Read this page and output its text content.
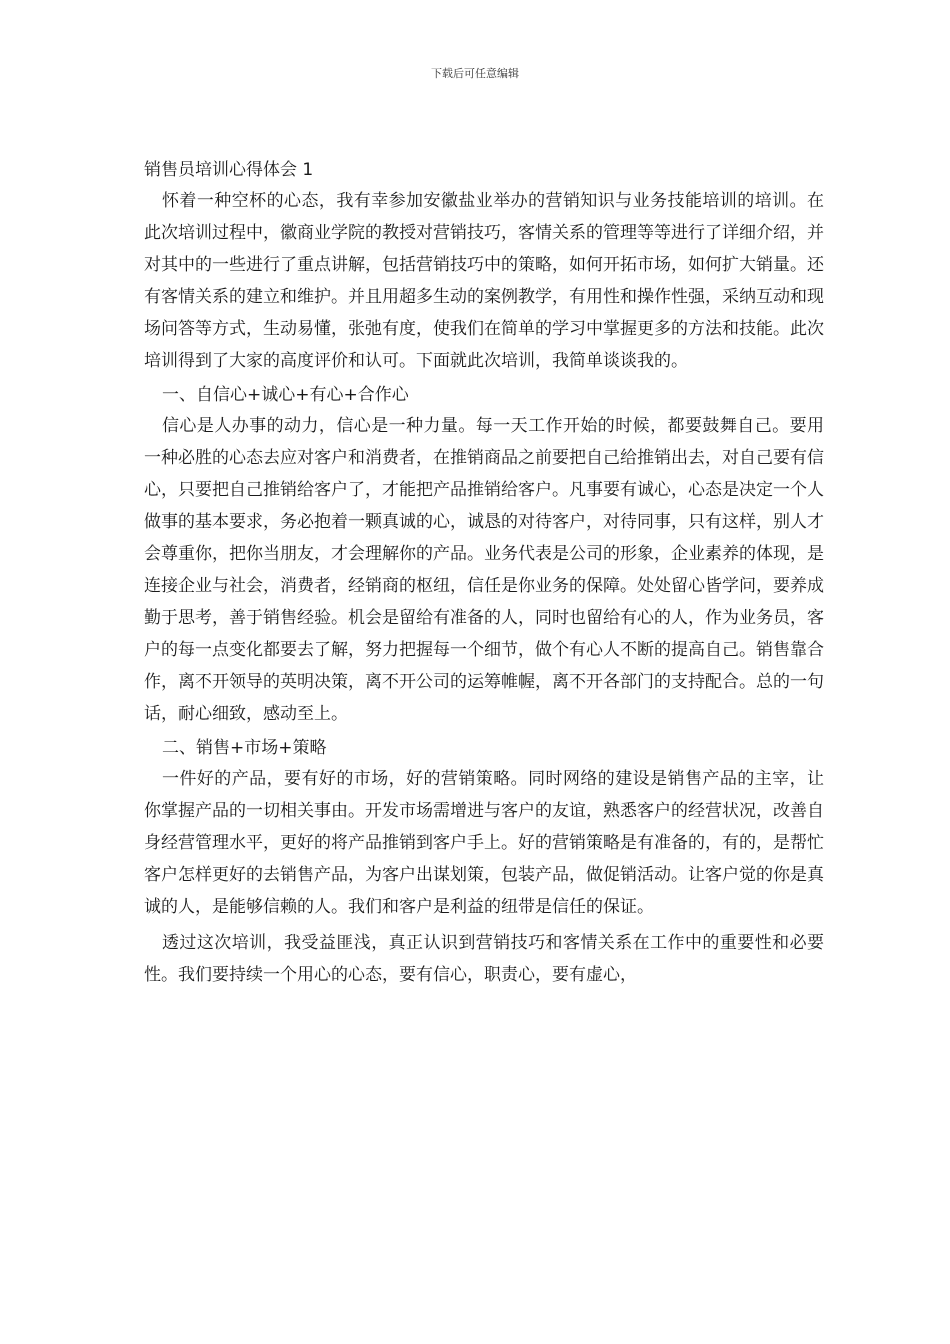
下载后可任意编辑
销售员培训心得体会 1

怀着一种空杯的心态，我有幸参加安徽盐业举办的营销知识与业务技能培训的培训。在此次培训过程中，徽商业学院的教授对营销技巧，客情关系的管理等等进行了详细介绍，并对其中的一些进行了重点讲解，包括营销技巧中的策略，如何开拓市场，如何扩大销量。还有客情关系的建立和维护。并且用超多生动的案例教学，有用性和操作性强，采纳互动和现场问答等方式，生动易懂，张弛有度，使我们在简单的学习中掌握更多的方法和技能。此次培训得到了大家的高度评价和认可。下面就此次培训，我简单谈谈我的。

一、自信心+诚心+有心+合作心

信心是人办事的动力，信心是一种力量。每一天工作开始的时候，都要鼓舞自己。要用一种必胜的心态去应对客户和消费者，在推销商品之前要把自己给推销出去，对自己要有信心，只要把自己推销给客户了，才能把产品推销给客户。凡事要有诚心，心态是决定一个人做事的基本要求，务必抱着一颗真诚的心，诚恳的对待客户，对待同事，只有这样，别人才会尊重你，把你当朋友，才会理解你的产品。业务代表是公司的形象，企业素养的体现，是连接企业与社会，消费者，经销商的枢纽，信任是你业务的保障。处处留心皆学问，要养成勤于思考，善于销售经验。机会是留给有准备的人，同时也留给有心的人，作为业务员，客户的每一点变化都要去了解，努力把握每一个细节，做个有心人不断的提高自己。销售靠合作，离不开领导的英明决策，离不开公司的运筹帷幄，离不开各部门的支持配合。总的一句话，耐心细致，感动至上。

二、销售+市场+策略

一件好的产品，要有好的市场，好的营销策略。同时网络的建设是销售产品的主宰，让你掌握产品的一切相关事由。开发市场需增进与客户的友谊，熟悉客户的经营状况，改善自身经营管理水平，更好的将产品推销到客户手上。好的营销策略是有准备的，有的，是帮忙客户怎样更好的去销售产品，为客户出谋划策，包装产品，做促销活动。让客户觉的你是真诚的人，是能够信赖的人。我们和客户是利益的纽带是信任的保证。

透过这次培训，我受益匪浅，真正认识到营销技巧和客情关系在工作中的重要性和必要性。我们要持续一个用心的心态，要有信心，职责心，要有虚心，
